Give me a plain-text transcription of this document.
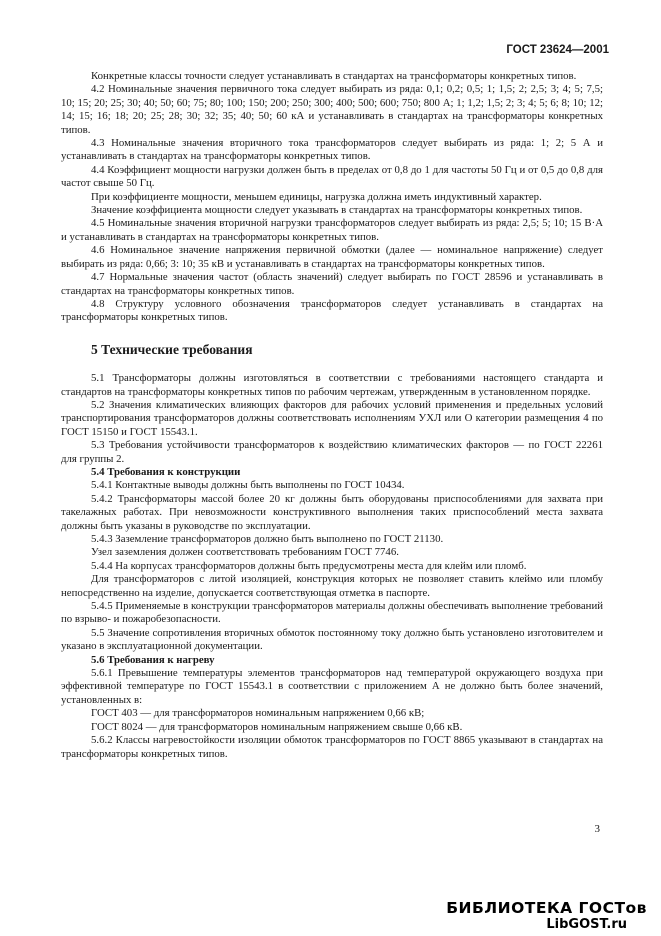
ГОСТ 23624—2001

Конкретные классы точности следует устанавливать в стандартах на трансформаторы конкретных типов.

4.2 Номинальные значения первичного тока следует выбирать из ряда: 0,1; 0,2; 0,5; 1; 1,5; 2; 2,5; 3; 4; 5; 7,5; 10; 15; 20; 25; 30; 40; 50; 60; 75; 80; 100; 150; 200; 250; 300; 400; 500; 600; 750; 800 А; 1; 1,2; 1,5; 2; 3; 4; 5; 6; 8; 10; 12; 14; 15; 16; 18; 20; 25; 28; 30; 32; 35; 40; 50; 60 кА и устанавливать в стандартах на трансформаторы конкретных типов.

4.3 Номинальные значения вторичного тока трансформаторов следует выбирать из ряда: 1; 2; 5 А и устанавливать в стандартах на трансформаторы конкретных типов.

4.4 Коэффициент мощности нагрузки должен быть в пределах от 0,8 до 1 для частоты 50 Гц и от 0,5 до 0,8 для частот свыше 50 Гц.

При коэффициенте мощности, меньшем единицы, нагрузка должна иметь индуктивный характер.

Значение коэффициента мощности следует указывать в стандартах на трансформаторы конкретных типов.

4.5 Номинальные значения вторичной нагрузки трансформаторов следует выбирать из ряда: 2,5; 5; 10; 15 В·А и устанавливать в стандартах на трансформаторы конкретных типов.

4.6 Номинальное значение напряжения первичной обмотки (далее — номинальное напряжение) следует выбирать из ряда: 0,66; 3: 10; 35 кВ и устанавливать в стандартах на трансформаторы конкретных типов.

4.7 Нормальные значения частот (область значений) следует выбирать по ГОСТ 28596 и устанавливать в стандартах на трансформаторы конкретных типов.

4.8 Структуру условного обозначения трансформаторов следует устанавливать в стандартах на трансформаторы конкретных типов.

5 Технические требования

5.1 Трансформаторы должны изготовляться в соответствии с требованиями настоящего стандарта и стандартов на трансформаторы конкретных типов по рабочим чертежам, утвержденным в установленном порядке.

5.2 Значения климатических влияющих факторов для рабочих условий применения и предельных условий транспортирования трансформаторов должны соответствовать исполнениям УХЛ или О категории размещения 4 по ГОСТ 15150 и ГОСТ 15543.1.

5.3 Требования устойчивости трансформаторов к воздействию климатических факторов — по ГОСТ 22261 для группы 2.

5.4 Требования к конструкции

5.4.1 Контактные выводы должны быть выполнены по ГОСТ 10434.

5.4.2 Трансформаторы массой более 20 кг должны быть оборудованы приспособлениями для захвата при такелажных работах. При невозможности конструктивного выполнения таких приспособлений места захвата должны быть указаны в руководстве по эксплуатации.

5.4.3 Заземление трансформаторов должно быть выполнено по ГОСТ 21130.

Узел заземления должен соответствовать требованиям ГОСТ 7746.

5.4.4 На корпусах трансформаторов должны быть предусмотрены места для клейм или пломб.

Для трансформаторов с литой изоляцией, конструкция которых не позволяет ставить клеймо или пломбу непосредственно на изделие, допускается соответствующая отметка в паспорте.

5.4.5 Применяемые в конструкции трансформаторов материалы должны обеспечивать выполнение требований по взрыво- и пожаробезопасности.

5.5 Значение сопротивления вторичных обмоток постоянному току должно быть установлено изготовителем и указано в эксплуатационной документации.

5.6 Требования к нагреву

5.6.1 Превышение температуры элементов трансформаторов над температурой окружающего воздуха при эффективной температуре по ГОСТ 15543.1 в соответствии с приложением А не должно быть более значений, установленных в:

ГОСТ 403 — для трансформаторов номинальным напряжением 0,66 кВ;

ГОСТ 8024 — для трансформаторов номинальным напряжением свыше 0,66 кВ.

5.6.2 Классы нагревостойкости изоляции обмоток трансформаторов по ГОСТ 8865 указывают в стандартах на трансформаторы конкретных типов.

3
БИБЛИОТЕКА ГОСТов
LibGOST.ru
